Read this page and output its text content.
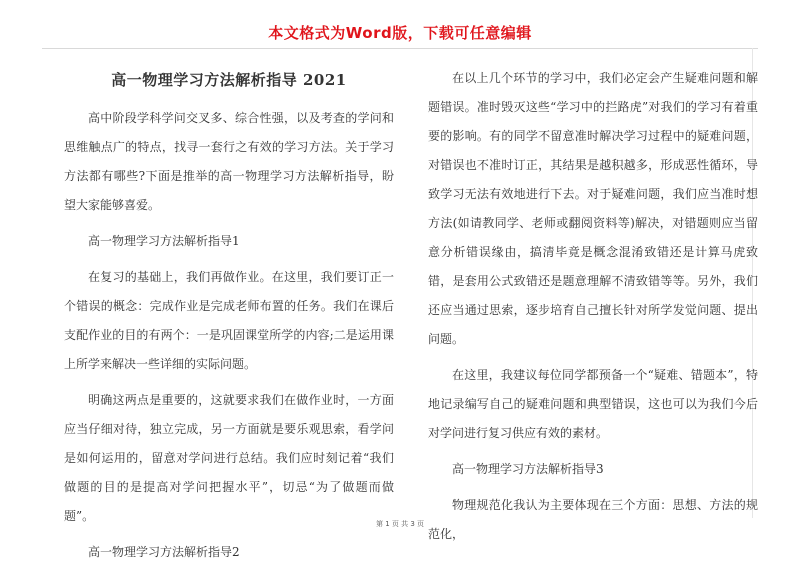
本文格式为Word版，下载可任意编辑
高一物理学习方法解析指导 2021

高中阶段学科学问交叉多、综合性强，以及考查的学问和思维触点广的特点，找寻一套行之有效的学习方法。关于学习方法都有哪些?下面是推举的高一物理学习方法解析指导，盼望大家能够喜爱。

高一物理学习方法解析指导1

在复习的基础上，我们再做作业。在这里，我们要订正一个错误的概念：完成作业是完成老师布置的任务。我们在课后支配作业的目的有两个：一是巩固课堂所学的内容;二是运用课上所学来解决一些详细的实际问题。

明确这两点是重要的，这就要求我们在做作业时，一方面应当仔细对待，独立完成，另一方面就是要乐观思索，看学问是如何运用的，留意对学问进行总结。我们应时刻记着“我们做题的目的是提高对学问把握水平”，切忌“为了做题而做题”。

高一物理学习方法解析指导2

在以上几个环节的学习中，我们必定会产生疑难问题和解题错误。准时毁灭这些“学习中的拦路虎”对我们的学习有着重要的影响。有的同学不留意准时解决学习过程中的疑难问题，对错误也不准时订正，其结果是越积越多，形成恶性循环，导致学习无法有效地进行下去。对于疑难问题，我们应当准时想方法(如请教同学、老师或翻阅资料等)解决，对错题则应当留意分析错误缘由，搞清毕竟是概念混淆致错还是计算马虎致错，是套用公式致错还是题意理解不清致错等等。另外，我们还应当通过思索，逐步培育自己擅长针对所学发觉问题、提出问题。

在这里，我建议每位同学都预备一个“疑难、错题本”，特地记录编写自己的疑难问题和典型错误，这也可以为我们今后对学问进行复习供应有效的素材。

高一物理学习方法解析指导3

物理规范化我认为主要体现在三个方面：思想、方法的规范化，

第 1 页 共 3 页
